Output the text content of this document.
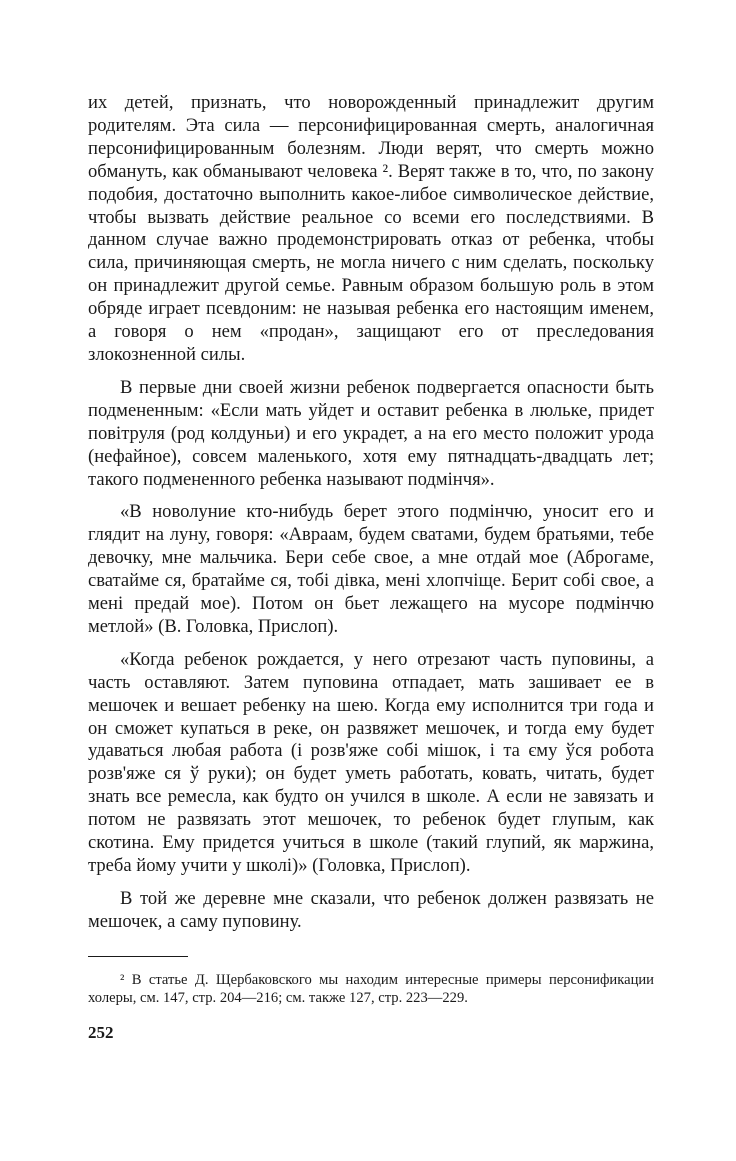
их детей, признать, что новорожденный принадлежит другим родителям. Эта сила — персонифицированная смерть, аналогичная персонифицированным болезням. Люди верят, что смерть можно обмануть, как обманывают человека ². Верят также в то, что, по закону подобия, достаточно выполнить какое-либое символическое действие, чтобы вызвать действие реальное со всеми его последствиями. В данном случае важно продемонстрировать отказ от ребенка, чтобы сила, причиняющая смерть, не могла ничего с ним сделать, поскольку он принадлежит другой семье. Равным образом большую роль в этом обряде играет псевдоним: не называя ребенка его настоящим именем, а говоря о нем «продан», защищают его от преследования злокозненной силы.

В первые дни своей жизни ребенок подвергается опасности быть подмененным: «Если мать уйдет и оставит ребенка в люльке, придет повітруля (род колдуньи) и его украдет, а на его место положит урода (нефайное), совсем маленького, хотя ему пятнадцать-двадцать лет; такого подмененного ребенка называют подмінчя».

«В новолуние кто-нибудь берет этого подмінчю, уносит его и глядит на луну, говоря: «Авраам, будем сватами, будем братьями, тебе девочку, мне мальчика. Бери себе свое, а мне отдай мое (Аброгаме, сватайме ся, братайме ся, тобі дівка, мені хлопчіще. Берит собі свое, а мені предай мое). Потом он бьет лежащего на мусоре подмінчю метлой» (В. Головка, Прислоп).

«Когда ребенок рождается, у него отрезают часть пуповины, а часть оставляют. Затем пуповина отпадает, мать зашивает ее в мешочек и вешает ребенку на шею. Когда ему исполнится три года и он сможет купаться в реке, он развяжет мешочек, и тогда ему будет удаваться любая работа (і розв'яже собі мішок, і та єму ўся робота розв'яже ся ў руки); он будет уметь работать, ковать, читать, будет знать все ремесла, как будто он учился в школе. А если не завязать и потом не развязать этот мешочек, то ребенок будет глупым, как скотина. Ему придется учиться в школе (такий глупий, як маржина, треба йому учити у школі)» (Головка, Прислоп).

В той же деревне мне сказали, что ребенок должен развязать не мешочек, а саму пуповину.

² В статье Д. Щербаковского мы находим интересные примеры персонификации холеры, см. 147, стр. 204—216; см. также 127, стр. 223—229.

252
